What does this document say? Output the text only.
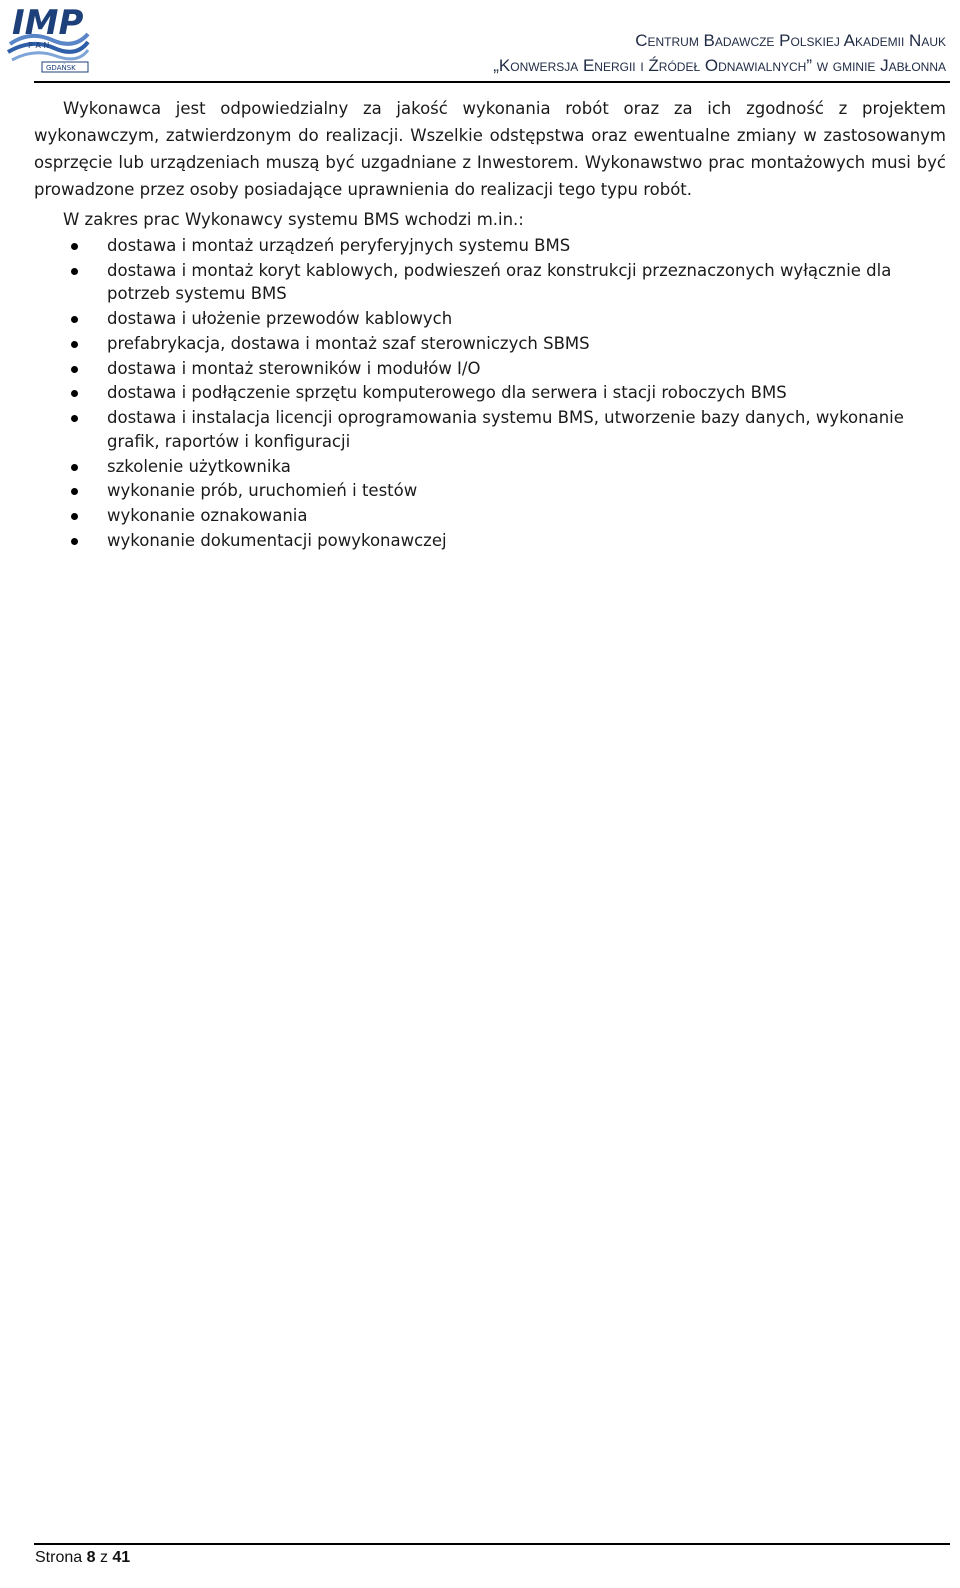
IMP
P A N
GDAŃSK
Centrum Badawcze Polskiej Akademii Nauk
„Konwersja Energii i Źródeł Odnawialnych” w gminie Jabłonna

Wykonawca jest odpowiedzialny za jakość wykonania robót oraz za ich zgodność z projektem wykonawczym, zatwierdzonym do realizacji. Wszelkie odstępstwa oraz ewentualne zmiany w zastosowanym osprzęcie lub urządzeniach muszą być uzgadniane z Inwestorem. Wykonawstwo prac montażowych musi być prowadzone przez osoby posiadające uprawnienia do realizacji tego typu robót.

W zakres prac Wykonawcy systemu BMS wchodzi m.in.:

dostawa i montaż urządzeń peryferyjnych systemu BMS
dostawa i montaż koryt kablowych, podwieszeń oraz konstrukcji przeznaczonych wyłącznie dla potrzeb systemu BMS
dostawa i ułożenie przewodów kablowych
prefabrykacja, dostawa i montaż szaf sterowniczych SBMS
dostawa i montaż sterowników i modułów I/O
dostawa i podłączenie sprzętu komputerowego dla serwera i stacji roboczych BMS
dostawa i instalacja licencji oprogramowania systemu BMS, utworzenie bazy danych, wykonanie grafik, raportów i konfiguracji
szkolenie użytkownika
wykonanie prób, uruchomień i testów
wykonanie oznakowania
wykonanie dokumentacji powykonawczej
Strona 8 z 41
